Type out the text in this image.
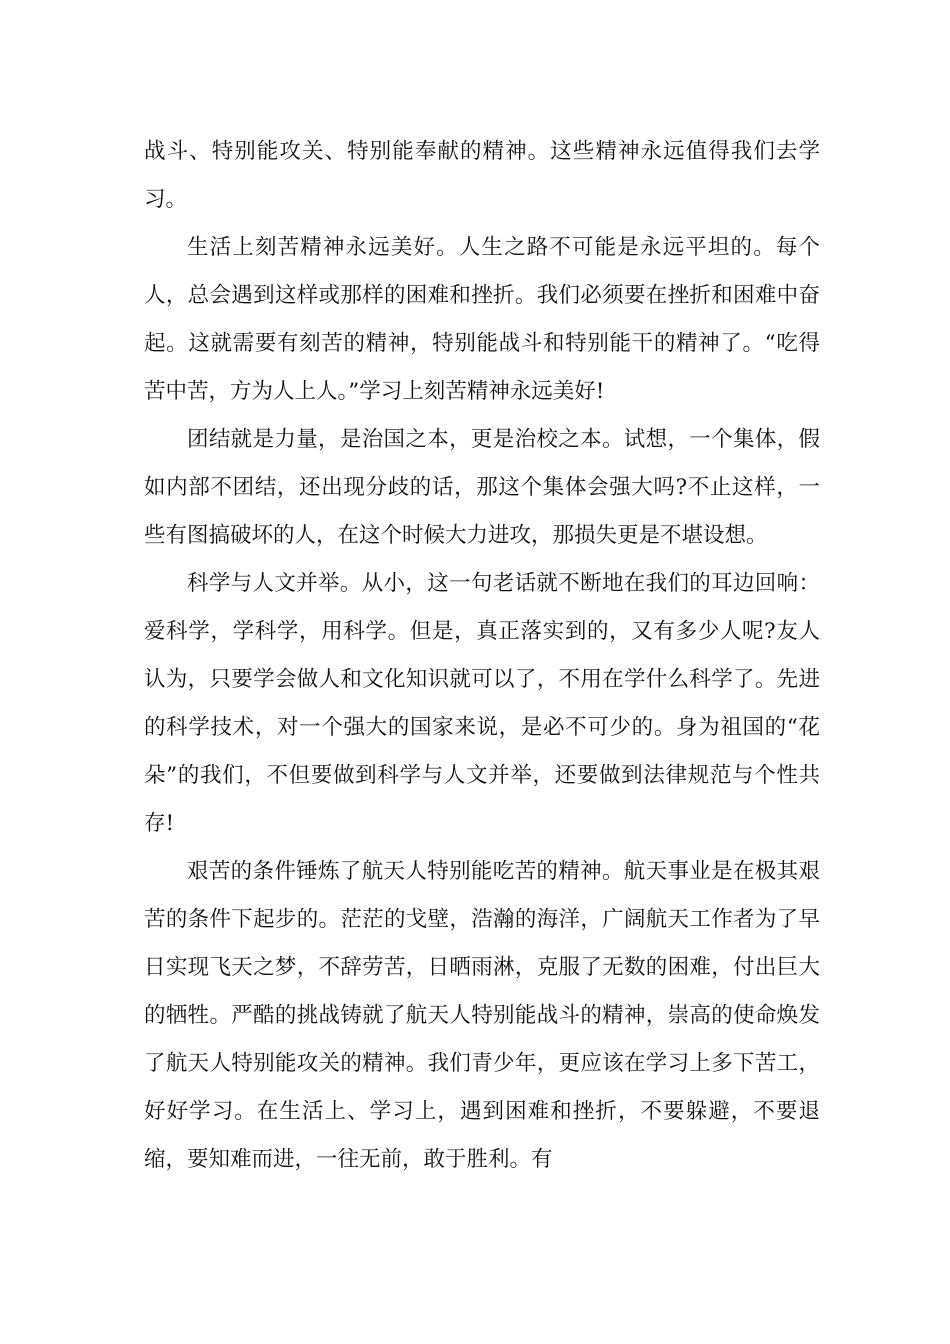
战斗、特别能攻关、特别能奉献的精神。这些精神永远值得我们去学习。

生活上刻苦精神永远美好。人生之路不可能是永远平坦的。每个人，总会遇到这样或那样的困难和挫折。我们必须要在挫折和困难中奋起。这就需要有刻苦的精神，特别能战斗和特别能干的精神了。“吃得苦中苦，方为人上人。”学习上刻苦精神永远美好!

团结就是力量，是治国之本，更是治校之本。试想，一个集体，假如内部不团结，还出现分歧的话，那这个集体会强大吗?不止这样，一些有图搞破坏的人，在这个时候大力进攻，那损失更是不堪设想。

科学与人文并举。从小，这一句老话就不断地在我们的耳边回响：爱科学，学科学，用科学。但是，真正落实到的，又有多少人呢?友人认为，只要学会做人和文化知识就可以了，不用在学什么科学了。先进的科学技术，对一个强大的国家来说，是必不可少的。身为祖国的“花朵”的我们，不但要做到科学与人文并举，还要做到法律规范与个性共存!

艰苦的条件锤炼了航天人特别能吃苦的精神。航天事业是在极其艰苦的条件下起步的。茫茫的戈壁，浩瀚的海洋，广阔航天工作者为了早日实现飞天之梦，不辞劳苦，日晒雨淋，克服了无数的困难，付出巨大的牺牲。严酷的挑战铸就了航天人特别能战斗的精神，崇高的使命焕发了航天人特别能攻关的精神。我们青少年，更应该在学习上多下苦工，好好学习。在生活上、学习上，遇到困难和挫折，不要躲避，不要退缩，要知难而进，一往无前，敢于胜利。有
